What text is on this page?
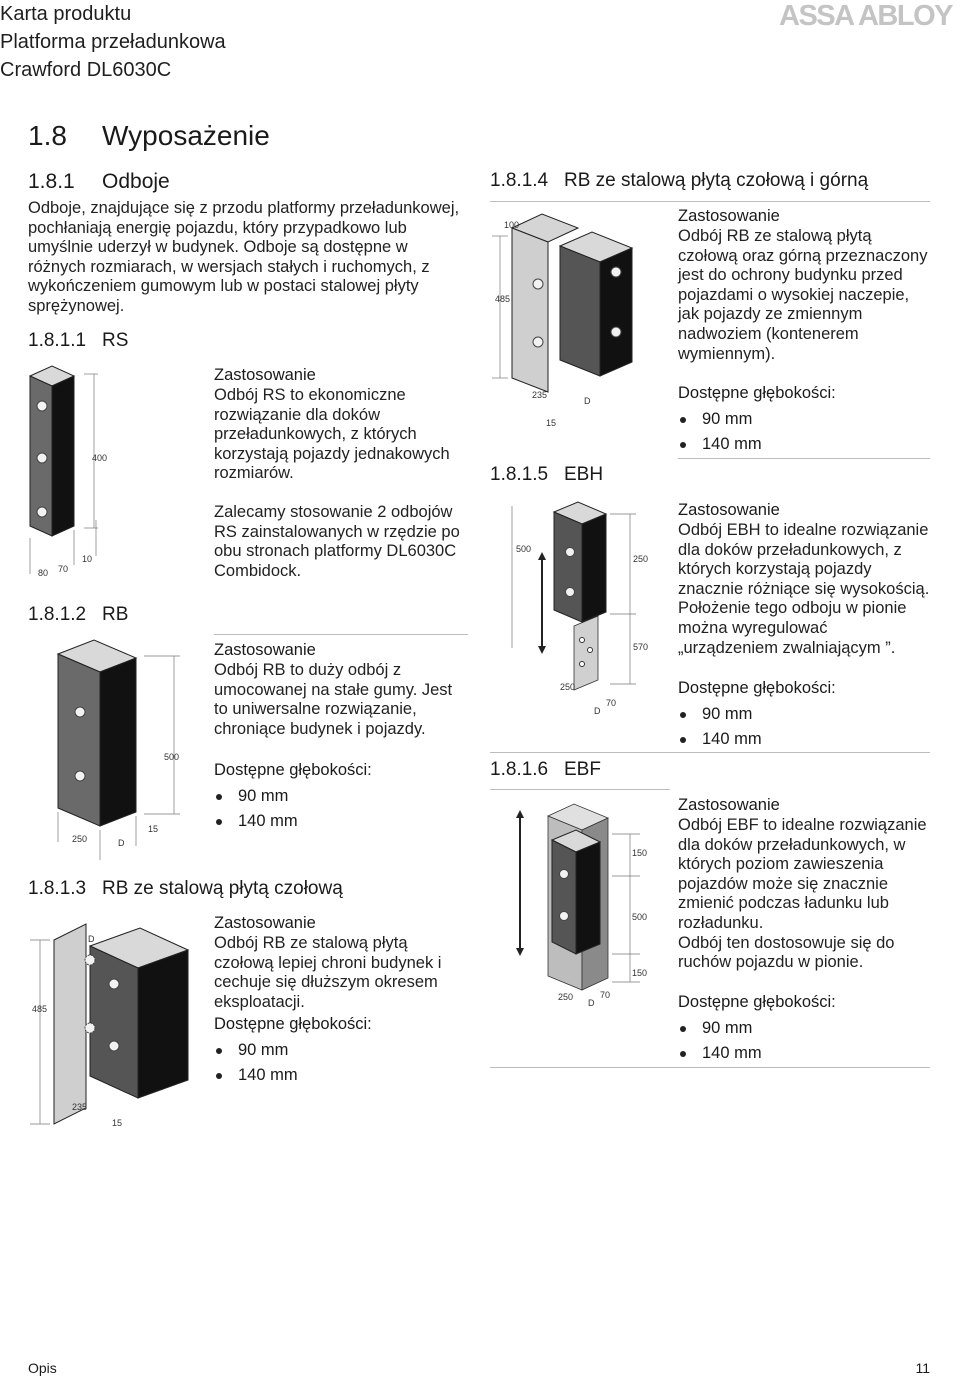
Karta produktu
Platforma przeładunkowa
Crawford DL6030C
ASSA ABLOY
1.8 Wyposażenie
1.8.1 Odboje
Odboje, znajdujące się z przodu platformy przeładunkowej, pochłaniają energię pojazdu, który przypadkowo lub umyślnie uderzył w budynek. Odboje są dostępne w różnych rozmiarach, w wersjach stałych i ruchomych, z wykończeniem gumowym lub w postaci stalowej płyty sprężynowej.
1.8.1.1 RS
400
80 70
10
Zastosowanie
Odbój RS to ekonomiczne rozwiązanie dla doków przeładunkowych, z których korzystają pojazdy jednakowych rozmiarów.
Zalecamy stosowanie 2 odbojów RS zainstalowanych w rzędzie po obu stronach platformy DL6030C Combidock.
1.8.1.2 RB
500
250	D
15
Zastosowanie
Odbój RB to duży odbój z umocowanej na stałe gumy. Jest to uniwersalne rozwiązanie, chroniące budynek i pojazdy.
Dostępne głębokości:
90 mm
140 mm
1.8.1.3 RB ze stalową płytą czołową
D
485
235
15
Zastosowanie
Odbój RB ze stalową płytą czołową lepiej chroni budynek i cechuje się dłuższym okresem eksploatacji.
Dostępne głębokości:
90 mm
140 mm
1.8.1.4 RB ze stalową płytą czołową i górną
100
485
235
15
D
Zastosowanie
Odbój RB ze stalową płytą czołową oraz górną przeznaczony jest do ochrony budynku przed pojazdami o wysokiej naczepie, jak pojazdy ze zmiennym nadwoziem (kontenerem wymiennym).
Dostępne głębokości:
90 mm
140 mm
1.8.1.5 EBH
500
250
570
250
D
70
Zastosowanie
Odbój EBH to idealne rozwiązanie dla doków przeładunkowych, z których korzystają pojazdy znacznie różniące się wysokością. Położenie tego odboju w pionie można wyregulować „urządzeniem zwalniającym ”.
Dostępne głębokości:
90 mm
140 mm
1.8.1.6 EBF
150
500
150
250
D
70
Zastosowanie
Odbój EBF to idealne rozwiązanie dla doków przeładunkowych, w których poziom zawieszenia pojazdów może się znacznie zmienić podczas ładunku lub rozładunku.
Odbój ten dostosowuje się do ruchów pojazdu w pionie.
Dostępne głębokości:
90 mm
140 mm
Opis	11
